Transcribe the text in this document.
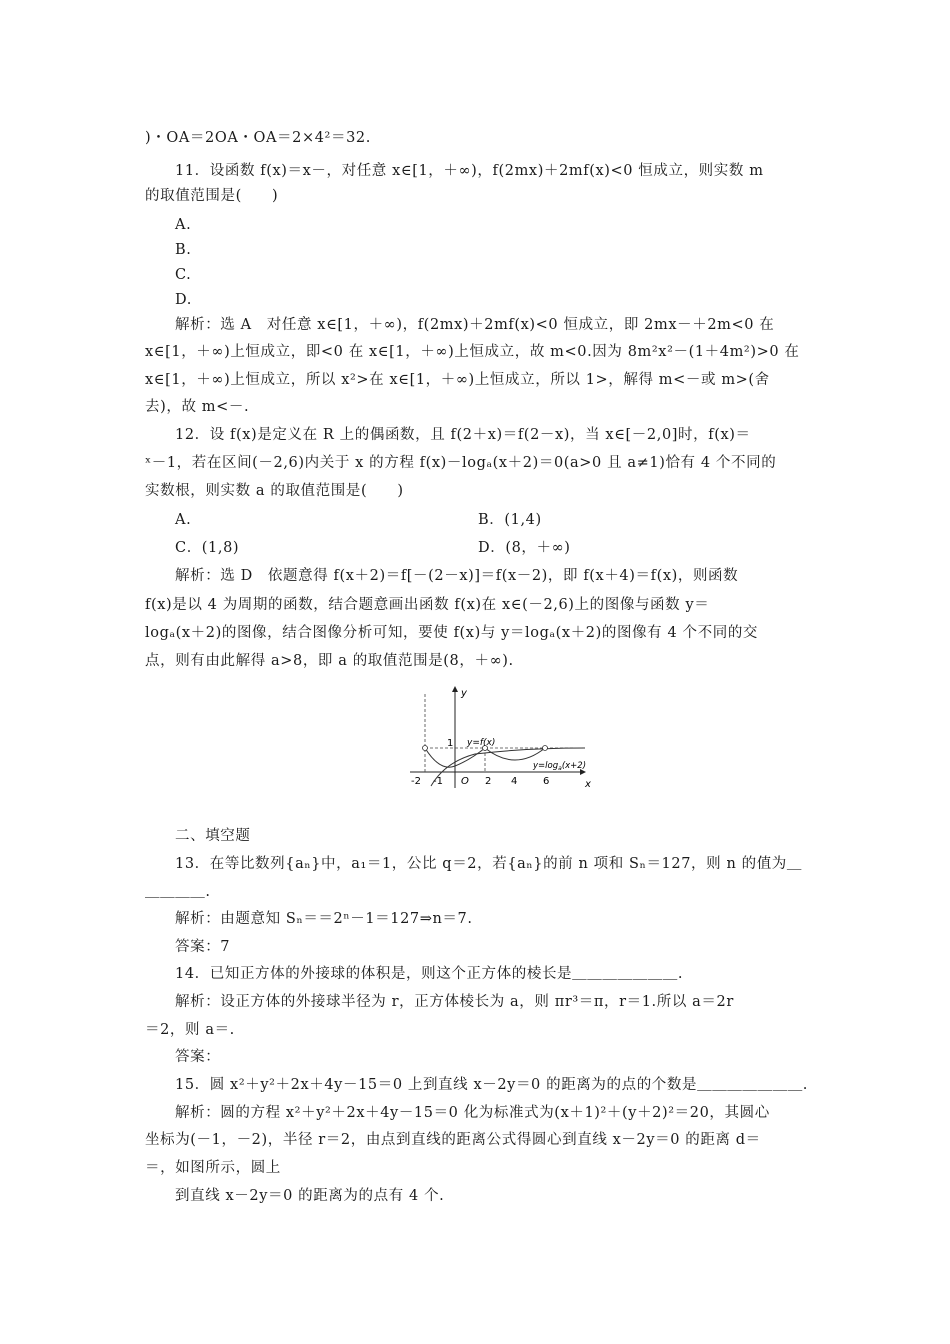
)・OA＝2OA・OA＝2×4²＝32.
11．设函数 f(x)＝x－，对任意 x∈[1，＋∞)，f(2mx)＋2mf(x)<0 恒成立，则实数 m
的取值范围是(　　)
A.
B.
C.
D.
解析：选 A　对任意 x∈[1，＋∞)，f(2mx)＋2mf(x)<0 恒成立，即 2mx－＋2m<0 在
x∈[1，＋∞)上恒成立，即<0 在 x∈[1，＋∞)上恒成立，故 m<0.因为 8m²x²－(1＋4m²)>0 在
x∈[1，＋∞)上恒成立，所以 x²>在 x∈[1，＋∞)上恒成立，所以 1>，解得 m<－或 m>(舍
去)，故 m<－.
12．设 f(x)是定义在 R 上的偶函数，且 f(2＋x)＝f(2－x)，当 x∈[－2,0]时，f(x)＝
ˣ－1，若在区间(－2,6)内关于 x 的方程 f(x)－logₐ(x＋2)＝0(a>0 且 a≠1)恰有 4 个不同的
实数根，则实数 a 的取值范围是(　　)
A.	B．(1,4)
C．(1,8)	D．(8，＋∞)
解析：选 D　依题意得 f(x＋2)＝f[－(2－x)]＝f(x－2)，即 f(x＋4)＝f(x)，则函数
f(x)是以 4 为周期的函数，结合题意画出函数 f(x)在 x∈(－2,6)上的图像与函数 y＝
logₐ(x＋2)的图像，结合图像分析可知，要使 f(x)与 y＝logₐ(x＋2)的图像有 4 个不同的交
点，则有由此解得 a>8，即 a 的取值范围是(8，＋∞).
y
x
O
1
-2 -1	2 4	6
y=f(x)
$y=\log_a(x+2)$
二、填空题
13．在等比数列{aₙ}中，a₁＝1，公比 q＝2，若{aₙ}的前 n 项和 Sₙ＝127，则 n 的值为＿
＿＿＿＿.
解析：由题意知 Sₙ＝＝2ⁿ－1＝127⇒n＝7.
答案：7
14．已知正方体的外接球的体积是，则这个正方体的棱长是＿＿＿＿＿＿＿.
解析：设正方体的外接球半径为 r，正方体棱长为 a，则 πr³＝π，r＝1.所以 a＝2r
＝2，则 a＝.
答案：
15．圆 x²＋y²＋2x＋4y－15＝0 上到直线 x－2y＝0 的距离为的点的个数是＿＿＿＿＿＿＿.
解析：圆的方程 x²＋y²＋2x＋4y－15＝0 化为标准式为(x＋1)²＋(y＋2)²＝20，其圆心
坐标为(－1，－2)，半径 r＝2，由点到直线的距离公式得圆心到直线 x－2y＝0 的距离 d＝
＝，如图所示，圆上
到直线 x－2y＝0 的距离为的点有 4 个.
